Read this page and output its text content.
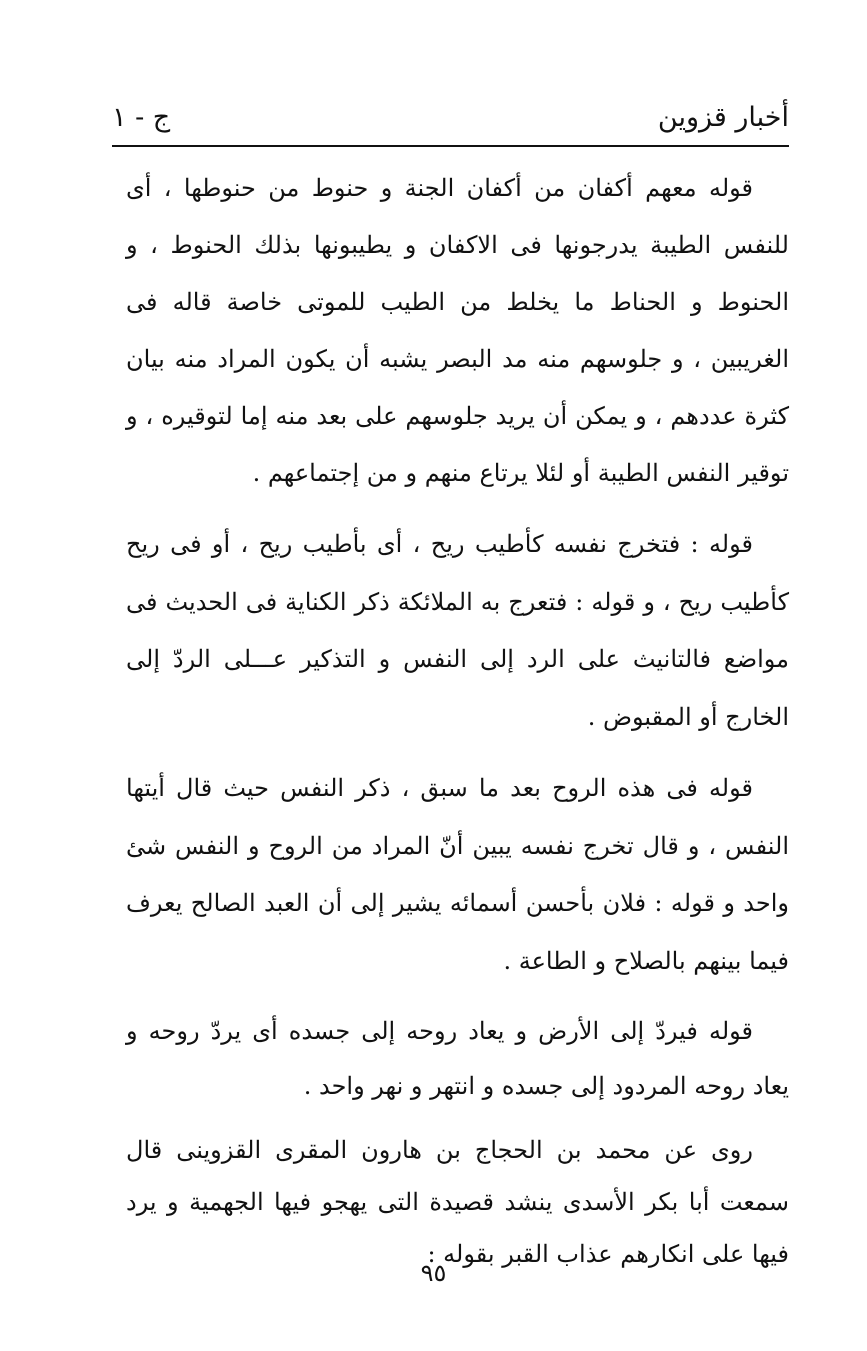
أخبار قزوين
ج - ١

قوله معهم أكفان من أكفان الجنة و حنوط من حنوطها ، أى للنفس الطيبة يدرجونها فى الاكفان و يطيبونها بذلك الحنوط ، و الحنوط و الحناط ما يخلط من الطيب للموتى خاصة قاله فى الغريبين ، و جلوسهم منه مد البصر يشبه أن يكون المراد منه بيان كثرة عددهم ، و يمكن أن يريد جلوسهم على بعد منه إما لتوقيره ، و توقير النفس الطيبة أو لئلا يرتاع منهم و من إجتماعهم .

قوله : فتخرج نفسه كأطيب ريح ، أى بأطيب ريح ، أو فى ريح كأطيب ريح ، و قوله : فتعرج به الملائكة ذكر الكناية فى الحديث فى مواضع فالتانيث على الرد إلى النفس و التذكير عـــلى الردّ إلى الخارج أو المقبوض .

قوله فى هذه الروح بعد ما سبق ، ذكر النفس حيث قال أيتها النفس ، و قال تخرج نفسه يبين أنّ المراد من الروح و النفس شئ واحد و قوله : فلان بأحسن أسمائه يشير إلى أن العبد الصالح يعرف فيما بينهم بالصلاح و الطاعة .

قوله فيردّ إلى الأرض و يعاد روحه إلى جسده أى يردّ روحه و يعاد روحه المردود إلى جسده و انتهر و نهر واحد .

روى عن محمد بن الحجاج بن هارون المقرى القزوينى قال سمعت أبا بكر الأسدى ينشد قصيدة التى يهجو فيها الجهمية و يرد فيها على انكارهم عذاب القبر بقوله :

٩٥
